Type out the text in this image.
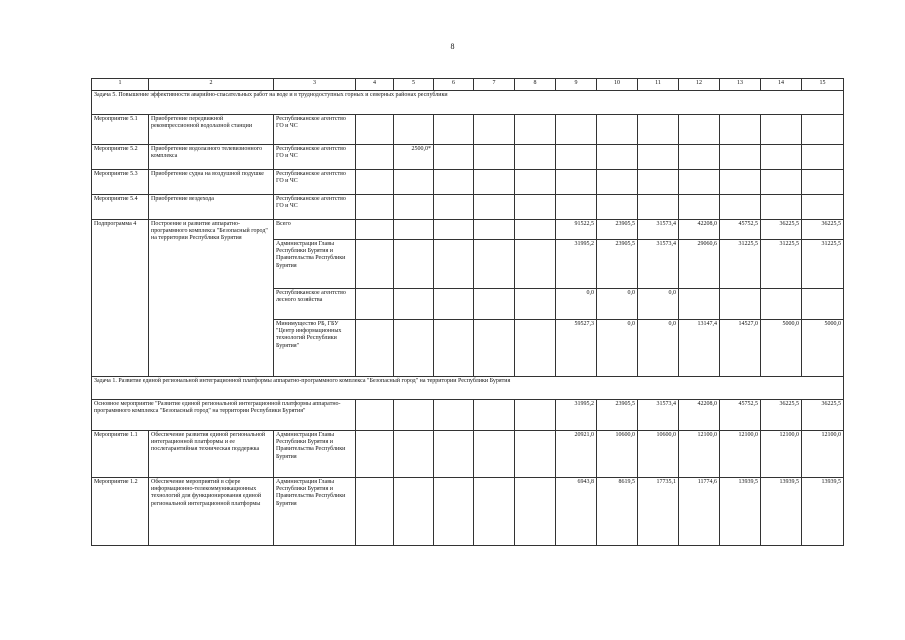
8
1	2	3	4	5	6	7	8	9	10	11	12	13	14	15
Задача 5. Повышение эффективности аварийно-спасательных работ на воде и в труднодоступных горных и северных районах республики														
Мероприятие 5.1	Приобретение передвижной рекомпрессионной водолазной станции	Республиканское агентство ГО и ЧС												
Мероприятие 5.2	Приобретение водолазного телевизионного комплекса	Республиканское агентство ГО и ЧС		2500,0*										
Мероприятие 5.3	Приобретение судна на воздушной подушке	Республиканское агентство ГО и ЧС												
Мероприятие 5.4	Приобретение вездехода	Республиканское агентство ГО и ЧС												
Подпрограмма 4	Построение и развитие аппаратно-программного комплекса "Безопасный город" на территории Республики Бурятия	Всего						91522,5	23905,5	31573,4	42208,0	45752,5	36225,5	36225,5
		Администрация Главы Республики Бурятия и Правительства Республики Бурятия						31995,2	23905,5	31573,4	29060,6	31225,5	31225,5	31225,5
		Республиканское агентство лесного хозяйства						0,0	0,0	0,0				
		Минимущество РБ, ГБУ "Центр информационных технологий Республики Бурятия"						59527,3	0,0	0,0	13147,4	14527,0	5000,0	5000,0
Задача 1. Развитие единой региональной интеграционной платформы аппаратно-программного комплекса "Безопасный город" на территории Республики Бурятия														
Основное мероприятие "Развитие единой региональной интеграционной платформы аппаратно-программного комплекса "Безопасный город" на территории Республики Бурятия"								31995,2	23905,5	31573,4	42208,0	45752,5	36225,5	36225,5
Мероприятие 1.1	Обеспечение развития единой региональной интеграционной платформы и ее послегарантийная техническая поддержка	Администрация Главы Республики Бурятия и Правительства Республики Бурятия						20921,0	10600,0	10600,0	12100,0	12100,0	12100,0	12100,0
Мероприятие 1.2	Обеспечение мероприятий в сфере информационно-телекоммуникационных технологий для функционирования единой региональной интеграционной платформы	Администрация Главы Республики Бурятия и Правительства Республики Бурятия						6943,8	8619,5	17735,1	11774,6	13939,5	13939,5	13939,5
